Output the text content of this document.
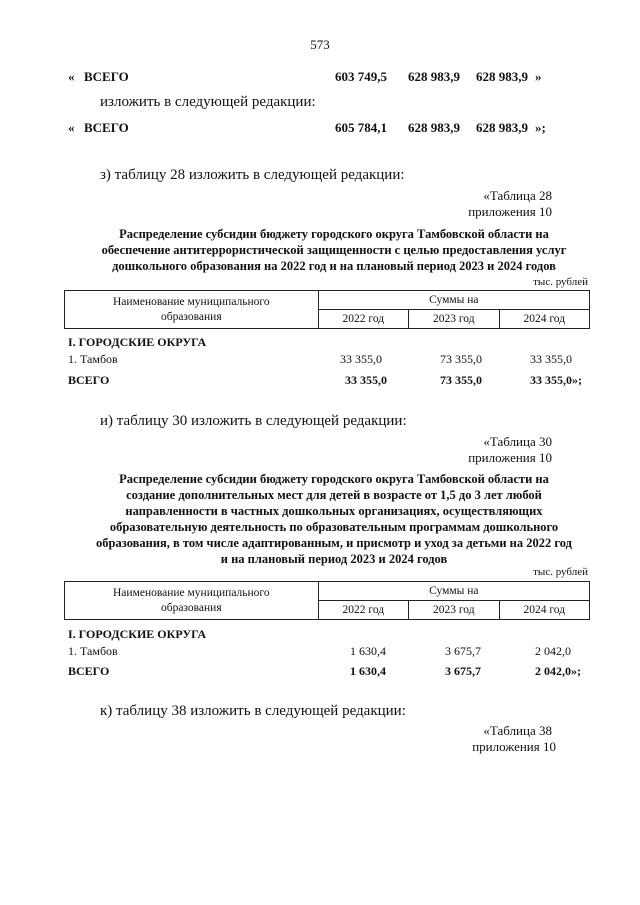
573
« ВСЕГО	603 749,5 628 983,9 628 983,9 »
изложить в следующей редакции:
« ВСЕГО	605 784,1 628 983,9 628 983,9 »;
з) таблицу 28 изложить в следующей редакции:
«Таблица 28
приложения 10
Распределение субсидии бюджету городского округа Тамбовской области на
обеспечение антитеррористической защищенности с целью предоставления услуг
дошкольного образования на 2022 год и на плановый период 2023 и 2024 годов
тыс. рублей
Наименование муниципального
образования	Суммы на		
	2022 год	2023 год	2024 год
I. ГОРОДСКИЕ ОКРУГА
1. Тамбов	33 355,0	73 355,0	33 355,0
ВСЕГО	33 355,0	73 355,0	33 355,0»;
и) таблицу 30 изложить в следующей редакции:
«Таблица 30
приложения 10
Распределение субсидии бюджету городского округа Тамбовской области на
создание дополнительных мест для детей в возрасте от 1,5 до 3 лет любой
направленности в частных дошкольных организациях, осуществляющих
образовательную деятельность по образовательным программам дошкольного
образования, в том числе адаптированным, и присмотр и уход за детьми на 2022 год
и на плановый период 2023 и 2024 годов
тыс. рублей
Наименование муниципального
образования	Суммы на		
	2022 год	2023 год	2024 год
I. ГОРОДСКИЕ ОКРУГА
1. Тамбов	1 630,4	3 675,7	2 042,0
ВСЕГО	1 630,4	3 675,7	2 042,0»;
к) таблицу 38 изложить в следующей редакции:
«Таблица 38
приложения 10
